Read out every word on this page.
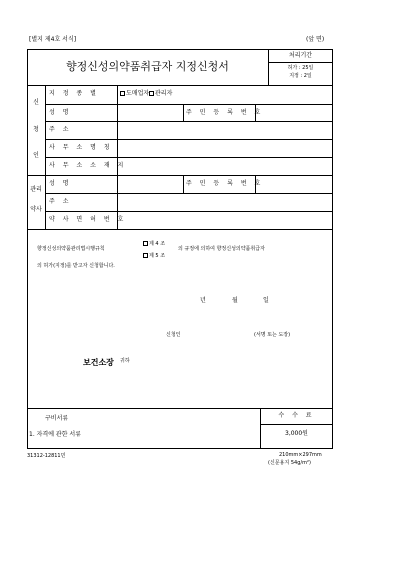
[별지 제4호 서식]	(앞 면)
향정신성의약품취급자 지정신청서
처리기간
허가 : 25일
지정 : 2일
신
청
인
지 정 종 별	도매업자 관리자
성 명	주 민 등 록 번 호
주 소
사 무 소 명 칭
사 무 소 소 재 지
관리
약사
성 명	주 민 등 록 번 호
주 소
약 사 면 허 번 호
향정신성의약품관리법시행규칙
제 4 조
제 5 조
의 규정에 의하여 향정신성의약품취급자
의 허가(지정)를 받고자 신청합니다.
년	월	일
신청인	(서명 또는 도장)
보건소장 귀하
구비서류
1. 자격에 관한 서류
수 수 료
3,000원
31312-12811민	210mm×297mm
(신문용지 54g/m²)
